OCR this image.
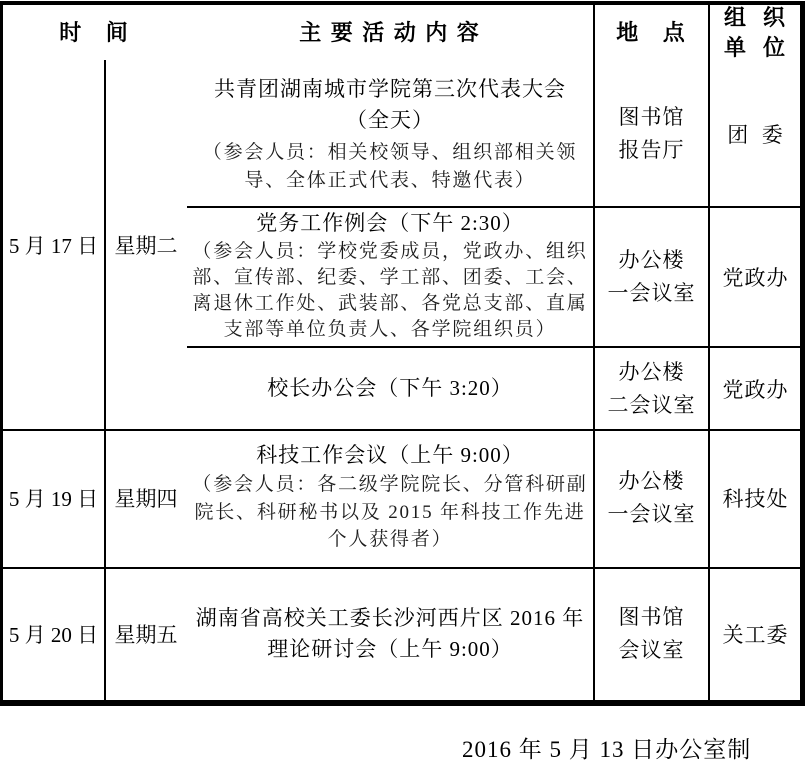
时   间	主 要 活 动 内 容	地   点
组  织
单  位
5 月 17 日 星期二
5 月 19 日 星期四
5 月 20 日 星期五
共青团湖南城市学院第三次代表大会
（全天）
（参会人员：相关校领导、组织部相关领导、全体正式代表、特邀代表）
图书馆
报告厅
团  委
党务工作例会（下午 2:30）
（参会人员：学校党委成员，党政办、组织部、宣传部、纪委、学工部、团委、工会、离退休工作处、武装部、各党总支部、直属支部等单位负责人、各学院组织员）
办公楼
一会议室
党政办
校长办公会（下午 3:20）
办公楼
二会议室
党政办
科技工作会议（上午 9:00）
（参会人员：各二级学院院长、分管科研副院长、科研秘书以及 2015 年科技工作先进个人获得者）
办公楼
一会议室
科技处
湖南省高校关工委长沙河西片区 2016 年理论研讨会（上午 9:00）
图书馆
会议室
关工委
2016 年 5 月 13 日办公室制
